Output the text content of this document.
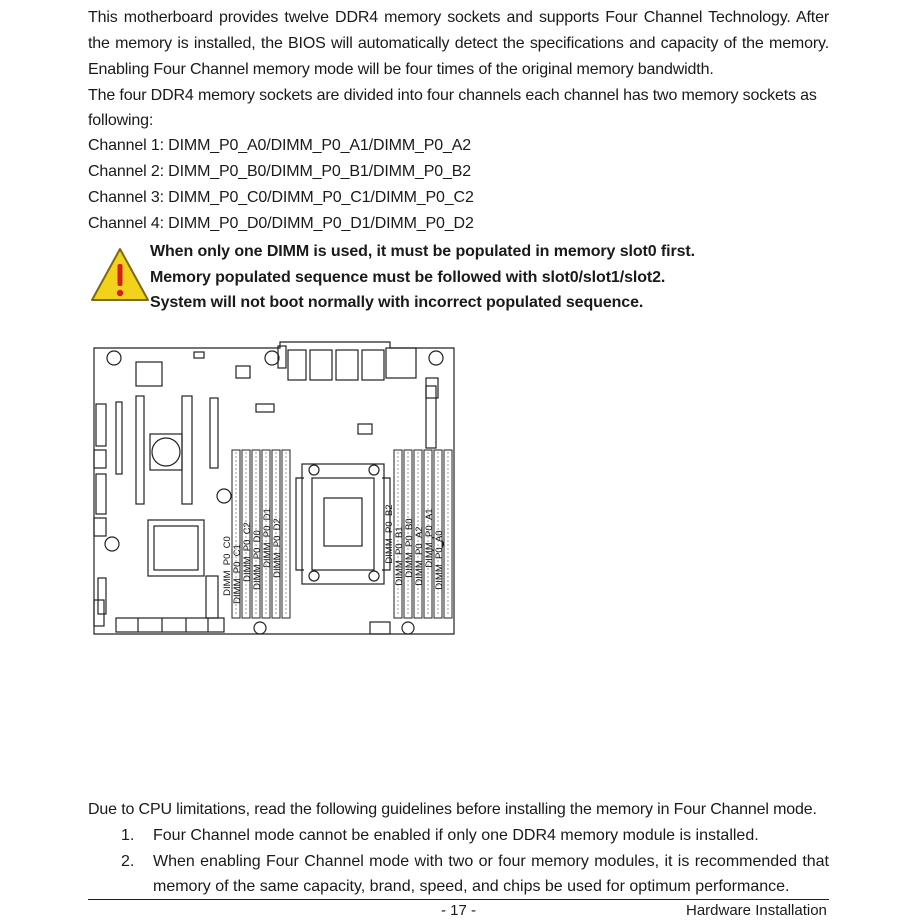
This motherboard provides twelve DDR4 memory sockets and supports Four Channel Technology. After
the memory is installed, the BIOS will automatically detect the specifications and capacity of the memory.
Enabling Four Channel memory mode will be four times of the original memory bandwidth.
The four DDR4 memory sockets are divided into four channels each channel has two memory sockets as
following:
Channel 1: DIMM_P0_A0/DIMM_P0_A1/DIMM_P0_A2
Channel 2: DIMM_P0_B0/DIMM_P0_B1/DIMM_P0_B2
Channel 3: DIMM_P0_C0/DIMM_P0_C1/DIMM_P0_C2
Channel 4: DIMM_P0_D0/DIMM_P0_D1/DIMM_P0_D2
When only one DIMM is used, it must be populated in memory slot0 first.
Memory populated sequence must be followed with slot0/slot1/slot2.
System will not boot normally with incorrect populated sequence.
DIMM_P0_C0 DIMM_P0_C1 DIMM_P0_C2 DIMM_P0_D0 DIMM_P0_D1 DIMM_P0_D2	DIMM_P0_B2 DIMM_P0_B1 DIMM_P0_B0 DIMM_P0_A2 DIMM_P0_A1 DIMM_P0_A0
Due to CPU limitations, read the following guidelines before installing the memory in Four Channel mode.
1. Four Channel mode cannot be enabled if only one DDR4 memory module is installed.
2. When enabling Four Channel mode with two or four memory modules, it is recommended that
memory of the same capacity, brand, speed, and chips be used for optimum performance.
- 17 -	Hardware Installation
